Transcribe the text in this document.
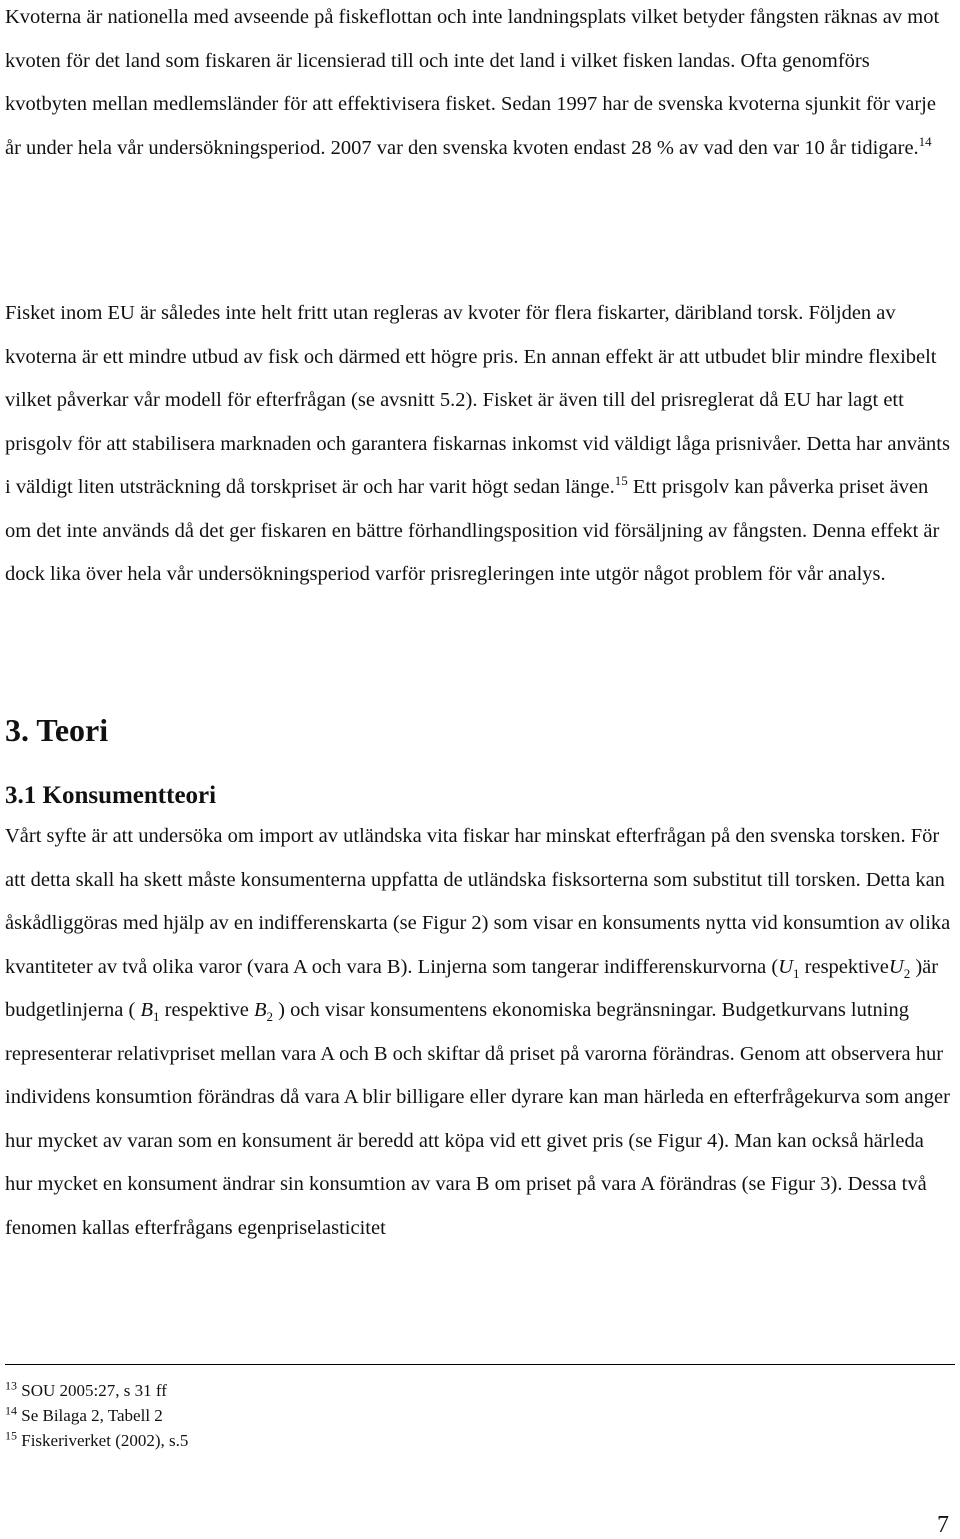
Kvoterna är nationella med avseende på fiskeflottan och inte landningsplats vilket betyder fångsten räknas av mot kvoten för det land som fiskaren är licensierad till och inte det land i vilket fisken landas. Ofta genomförs kvotbyten mellan medlemsländer för att effektivisera fisket. Sedan 1997 har de svenska kvoterna sjunkit för varje år under hela vår undersökningsperiod. 2007 var den svenska kvoten endast 28 % av vad den var 10 år tidigare.$^{14}$

Fisket inom EU är således inte helt fritt utan regleras av kvoter för flera fiskarter, däribland torsk. Följden av kvoterna är ett mindre utbud av fisk och därmed ett högre pris. En annan effekt är att utbudet blir mindre flexibelt vilket påverkar vår modell för efterfrågan (se avsnitt 5.2). Fisket är även till del prisreglerat då EU har lagt ett prisgolv för att stabilisera marknaden och garantera fiskarnas inkomst vid väldigt låga prisnivåer. Detta har använts i väldigt liten utsträckning då torskpriset är och har varit högt sedan länge.$^{15}$ Ett prisgolv kan påverka priset även om det inte används då det ger fiskaren en bättre förhandlingsposition vid försäljning av fångsten. Denna effekt är dock lika över hela vår undersökningsperiod varför prisregleringen inte utgör något problem för vår analys.

3. Teori
3.1 Konsumentteori

Vårt syfte är att undersöka om import av utländska vita fiskar har minskat efterfrågan på den svenska torsken. För att detta skall ha skett måste konsumenterna uppfatta de utländska fisksorterna som substitut till torsken. Detta kan åskådliggöras med hjälp av en indifferenskarta (se Figur 2) som visar en konsuments nytta vid konsumtion av olika kvantiteter av två olika varor (vara A och vara B). Linjerna som tangerar indifferenskurvorna ($U_1$ respektiveU$_2$ )är budgetlinjerna ( $B_1$ respektive $B_2$ ) och visar konsumentens ekonomiska begränsningar. Budgetkurvans lutning representerar relativpriset mellan vara A och B och skiftar då priset på varorna förändras. Genom att observera hur individens konsumtion förändras då vara A blir billigare eller dyrare kan man härleda en efterfrågekurva som anger hur mycket av varan som en konsument är beredd att köpa vid ett givet pris (se Figur 4). Man kan också härleda hur mycket en konsument ändrar sin konsumtion av vara B om priset på vara A förändras (se Figur 3). Dessa två fenomen kallas efterfrågans egenpriselasticitet

$^{13}$ SOU 2005:27, s 31 ff
$^{14}$ Se Bilaga 2, Tabell 2
$^{15}$ Fiskeriverket (2002), s.5
7
